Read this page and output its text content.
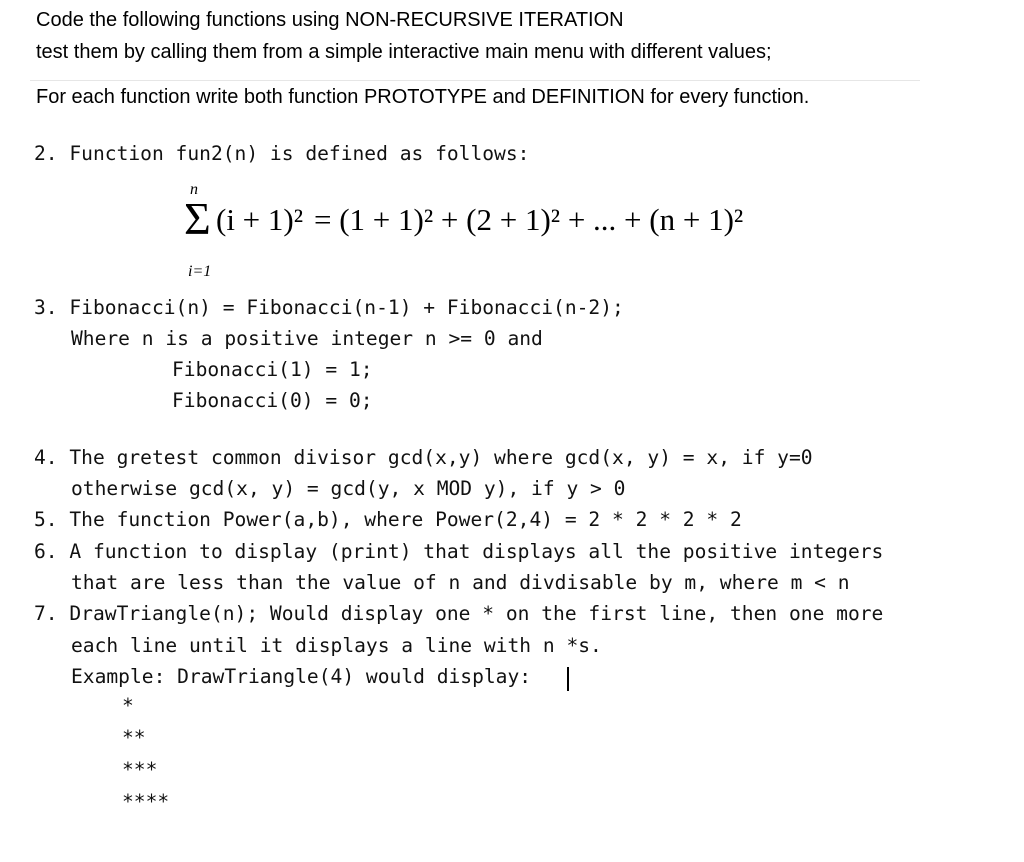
Code the following functions using NON-RECURSIVE ITERATION
test them by calling them from a simple interactive main menu with different values;
For each function write both function PROTOTYPE and DEFINITION for every function.
2. Function fun2(n) is defined as follows:
n
Σ (i + 1)² = (1 + 1)² + (2 + 1)² + ... + (n + 1)²
i=1
3. Fibonacci(n) = Fibonacci(n-1) + Fibonacci(n-2);
Where n is a positive integer n >= 0 and
Fibonacci(1) = 1;
Fibonacci(0) = 0;
4. The gretest common divisor gcd(x,y) where gcd(x, y) = x, if y=0
otherwise gcd(x, y) = gcd(y, x MOD y), if y > 0
5. The function Power(a,b), where Power(2,4) = 2 * 2 * 2 * 2
6. A function to display (print) that displays all the positive integers
that are less than the value of n and divdisable by m, where m < n
7. DrawTriangle(n); Would display one * on the first line, then one more
each line until it displays a line with n *s.
Example: DrawTriangle(4) would display:
*
**
***
****
